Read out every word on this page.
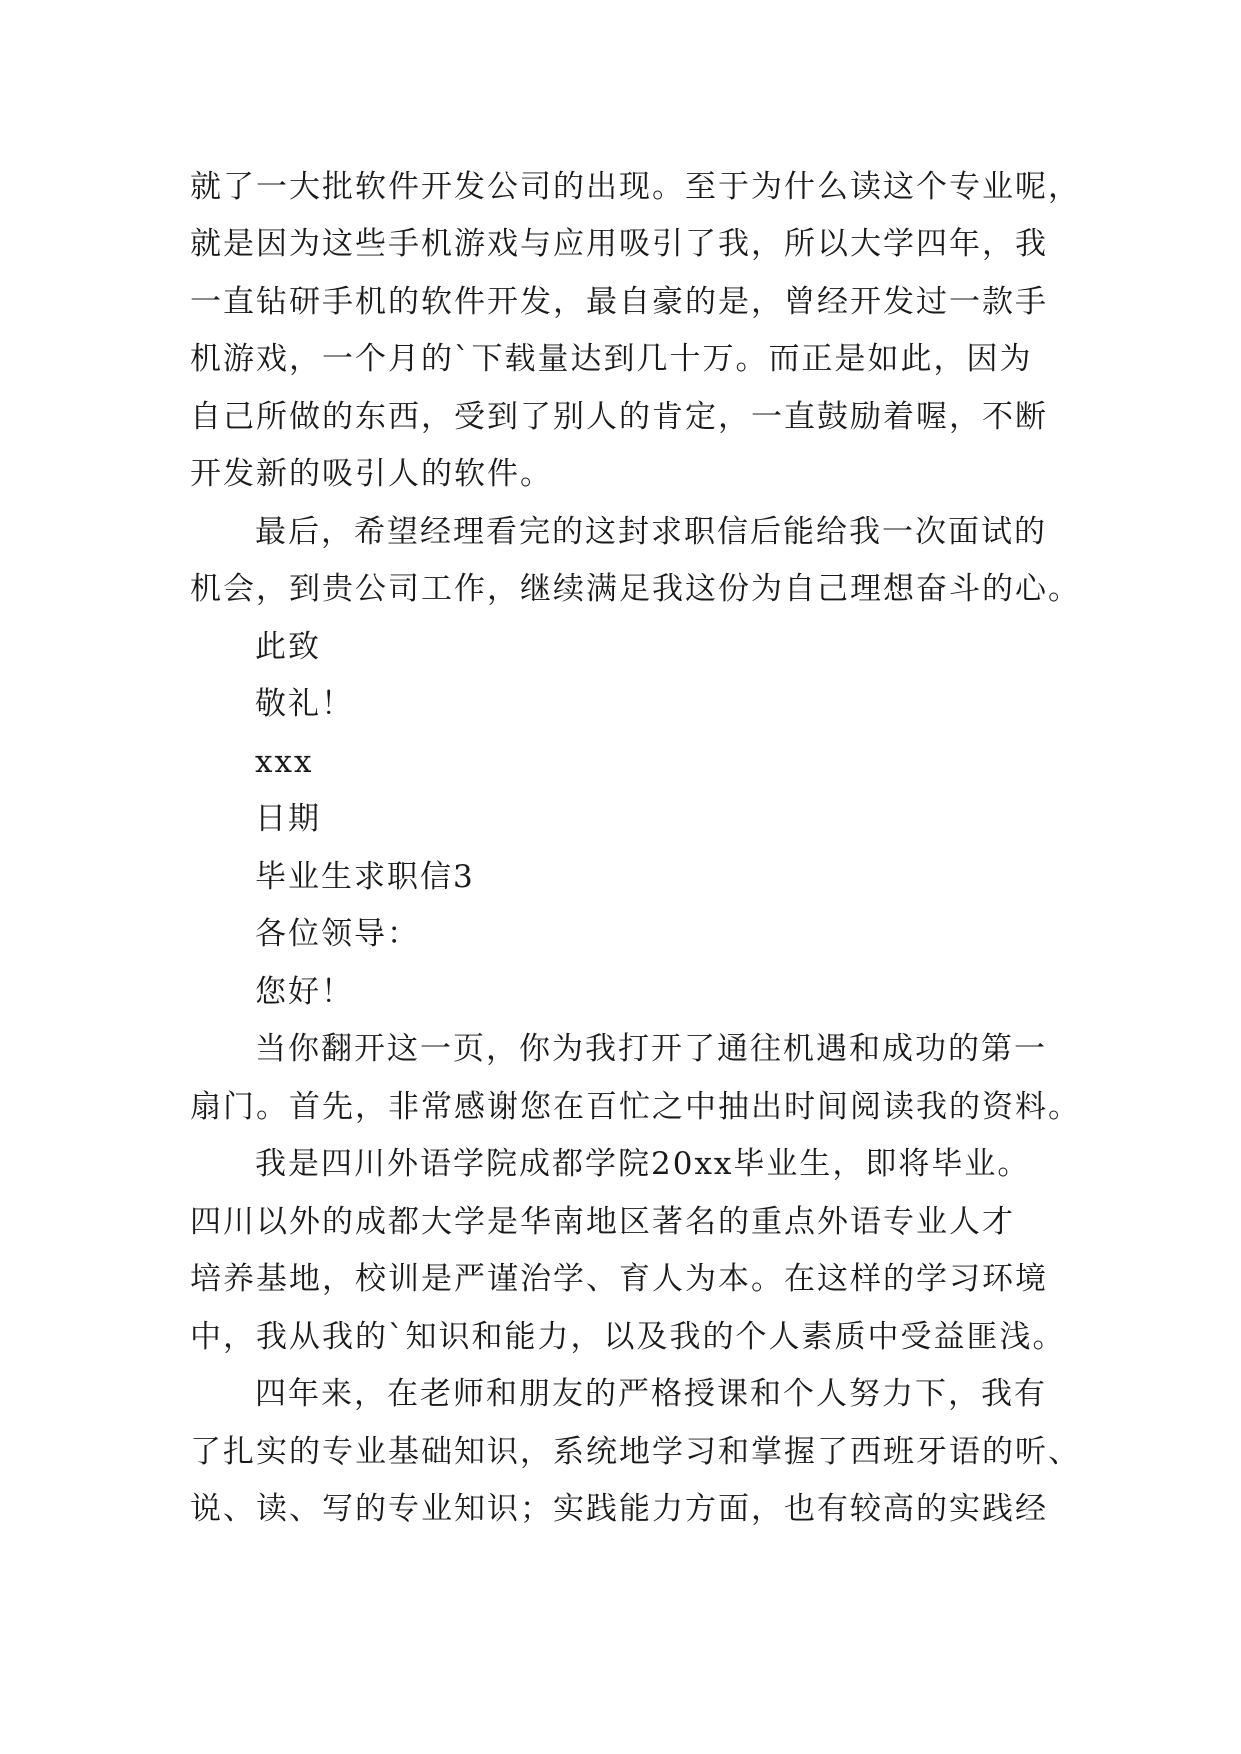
就了一大批软件开发公司的出现。至于为什么读这个专业呢，
就是因为这些手机游戏与应用吸引了我，所以大学四年，我
一直钻研手机的软件开发，最自豪的是，曾经开发过一款手
机游戏，一个月的`下载量达到几十万。而正是如此，因为
自己所做的东西，受到了别人的肯定，一直鼓励着喔，不断
开发新的吸引人的软件。
最后，希望经理看完的这封求职信后能给我一次面试的
机会，到贵公司工作，继续满足我这份为自己理想奋斗的心。
此致
敬礼！
xxx
日期
毕业生求职信3
各位领导：
您好！
当你翻开这一页，你为我打开了通往机遇和成功的第一
扇门。首先，非常感谢您在百忙之中抽出时间阅读我的资料。
我是四川外语学院成都学院20xx毕业生，即将毕业。
四川以外的成都大学是华南地区著名的重点外语专业人才
培养基地，校训是严谨治学、育人为本。在这样的学习环境
中，我从我的`知识和能力，以及我的个人素质中受益匪浅。
四年来，在老师和朋友的严格授课和个人努力下，我有
了扎实的专业基础知识，系统地学习和掌握了西班牙语的听、
说、读、写的专业知识；实践能力方面，也有较高的实践经
